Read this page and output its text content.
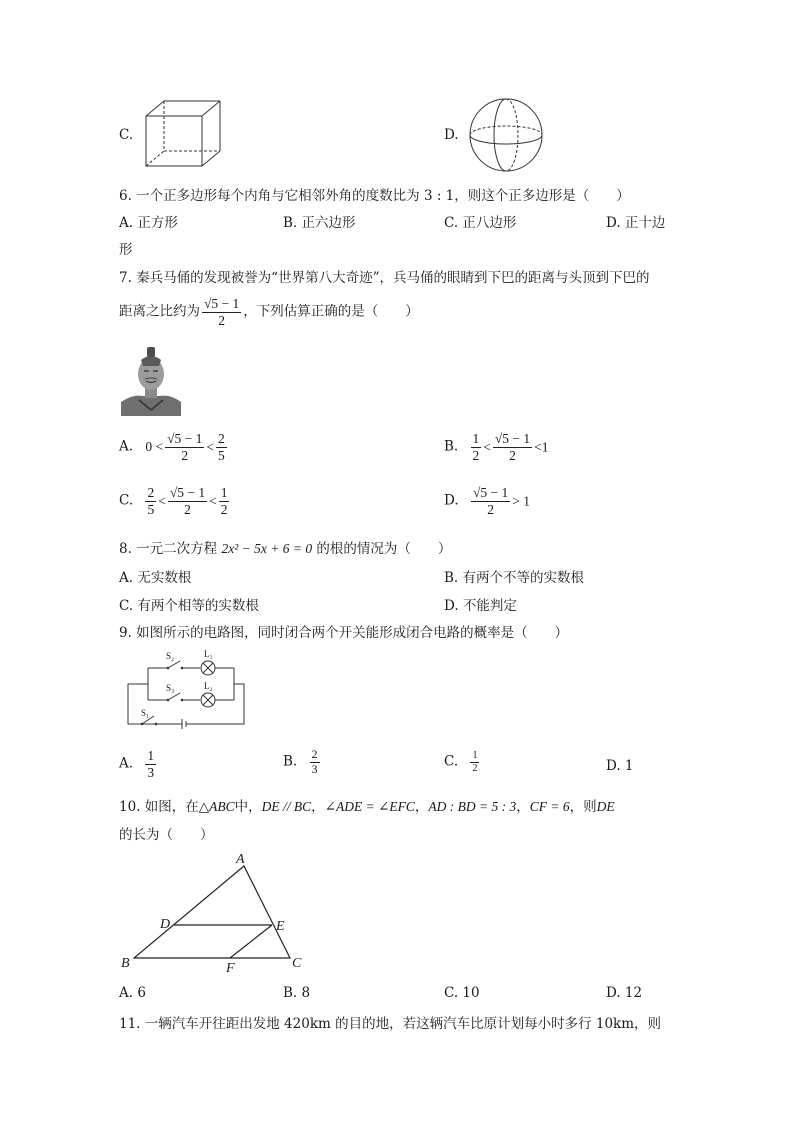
C.	D.
6. 一个正多边形每个内角与它相邻外角的度数比为 3 : 1，则这个正多边形是（　　）
A. 正方形	B. 正六边形	C. 正八边形	D. 正十边
形
7. 秦兵马俑的发现被誉为“世界第八大奇迹”，兵马俑的眼睛到下巴的距离与头顶到下巴的
距离之比约为 $\frac{√5 - 1}{2}$ ，下列估算正确的是（　　）
A. $0 < \frac{√5 - 1}{2} < \frac{2}{5}$	B. $\frac{1}{2} < \frac{√5 - 1}{2} <1$
C. $\frac{2}{5} < \frac{√5 - 1}{2} < \frac{1}{2}$	D. $\frac{√5 - 1}{2} > 1$
8. 一元二次方程 2x² − 5x + 6 = 0 的根的情况为（　　）
A. 无实数根	B. 有两个不等的实数根
C. 有两个相等的实数根	D. 不能判定
9. 如图所示的电路图，同时闭合两个开关能形成闭合电路的概率是（　　）
S₂	L₁
S₃	L₂
S₁
A. $\frac{1}{3}$	B. $\frac{2}{3}$	C. $\frac{1}{2}$	D. 1
10. 如图，在△ABC中，DE // BC，∠ADE = ∠EFC，AD : BD = 5 : 3，CF = 6，则DE
的长为（　　）
A
D	E
B	F	C
A. 6	B. 8	C. 10	D. 12
11. 一辆汽车开往距出发地 420km 的目的地，若这辆汽车比原计划每小时多行 10km，则
